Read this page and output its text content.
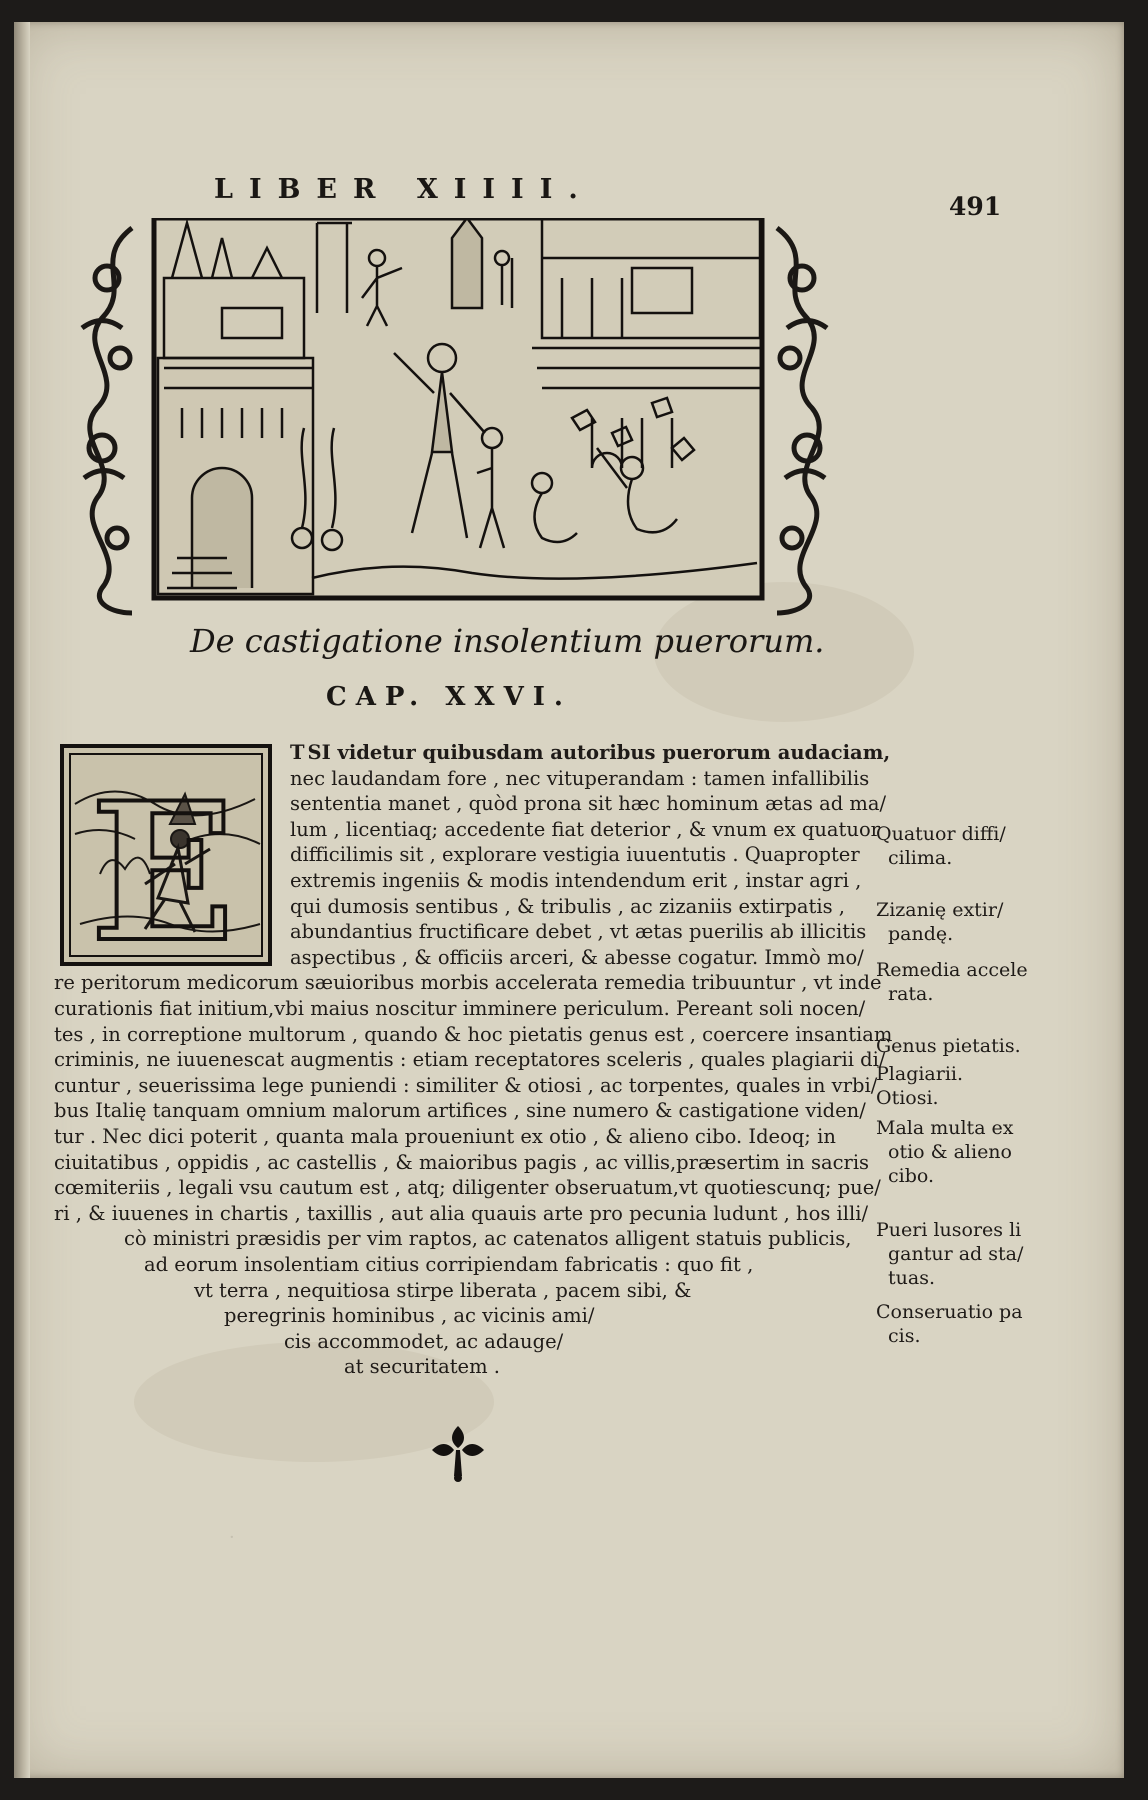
LIBER XIIII.
491
De castigatione insolentium puerorum.
CAP. XXVI.
E
TSI videtur quibusdam autoribus puerorum audaciam,
nec laudandam fore , nec vituperandam : tamen infallibilis
sententia manet , quòd prona sit hæc hominum ætas ad ma/
lum , licentiaq; accedente fiat deterior , & vnum ex quatuor
difficilimis sit , explorare vestigia iuuentutis . Quapropter
extremis ingeniis & modis intendendum erit , instar agri ,
qui dumosis sentibus , & tribulis , ac zizaniis extirpatis ,
abundantius fructificare debet , vt ætas puerilis ab illicitis
aspectibus , & officiis arceri, & abesse cogatur. Immò mo/
re peritorum medicorum sæuioribus morbis accelerata remedia tribuuntur , vt inde
curationis fiat initium,vbi maius noscitur imminere periculum. Pereant soli nocen/
tes , in correptione multorum , quando & hoc pietatis genus est , coercere insantiam
criminis, ne iuuenescat augmentis : etiam receptatores sceleris , quales plagiarii di/
cuntur , seuerissima lege puniendi : similiter & otiosi , ac torpentes, quales in vrbi/
bus Italię tanquam omnium malorum artifices , sine numero & castigatione viden/
tur . Nec dici poterit , quanta mala proueniunt ex otio , & alieno cibo. Ideoq; in
ciuitatibus , oppidis , ac castellis , & maioribus pagis , ac villis,præsertim in sacris
cœmiteriis , legali vsu cautum est , atq; diligenter obseruatum,vt quotiescunq; pue/
ri , & iuuenes in chartis , taxillis , aut alia quauis arte pro pecunia ludunt , hos illi/
cò ministri præsidis per vim raptos, ac catenatos alligent statuis publicis,
ad eorum insolentiam citius corripiendam fabricatis : quo fit ,
vt terra , nequitiosa stirpe liberata , pacem sibi, &
peregrinis hominibus , ac vicinis ami/
cis accommodet, ac adauge/
at securitatem .
Quatuor diffi/
cilima.
Zizanię extir/
pandę.
Remedia accele
rata.
Genus pietatis.
Plagiarii.
Otiosi.
Mala multa ex
otio & alieno
cibo.
Pueri lusores li
gantur ad sta/
tuas.
Conseruatio pa
cis.
·
